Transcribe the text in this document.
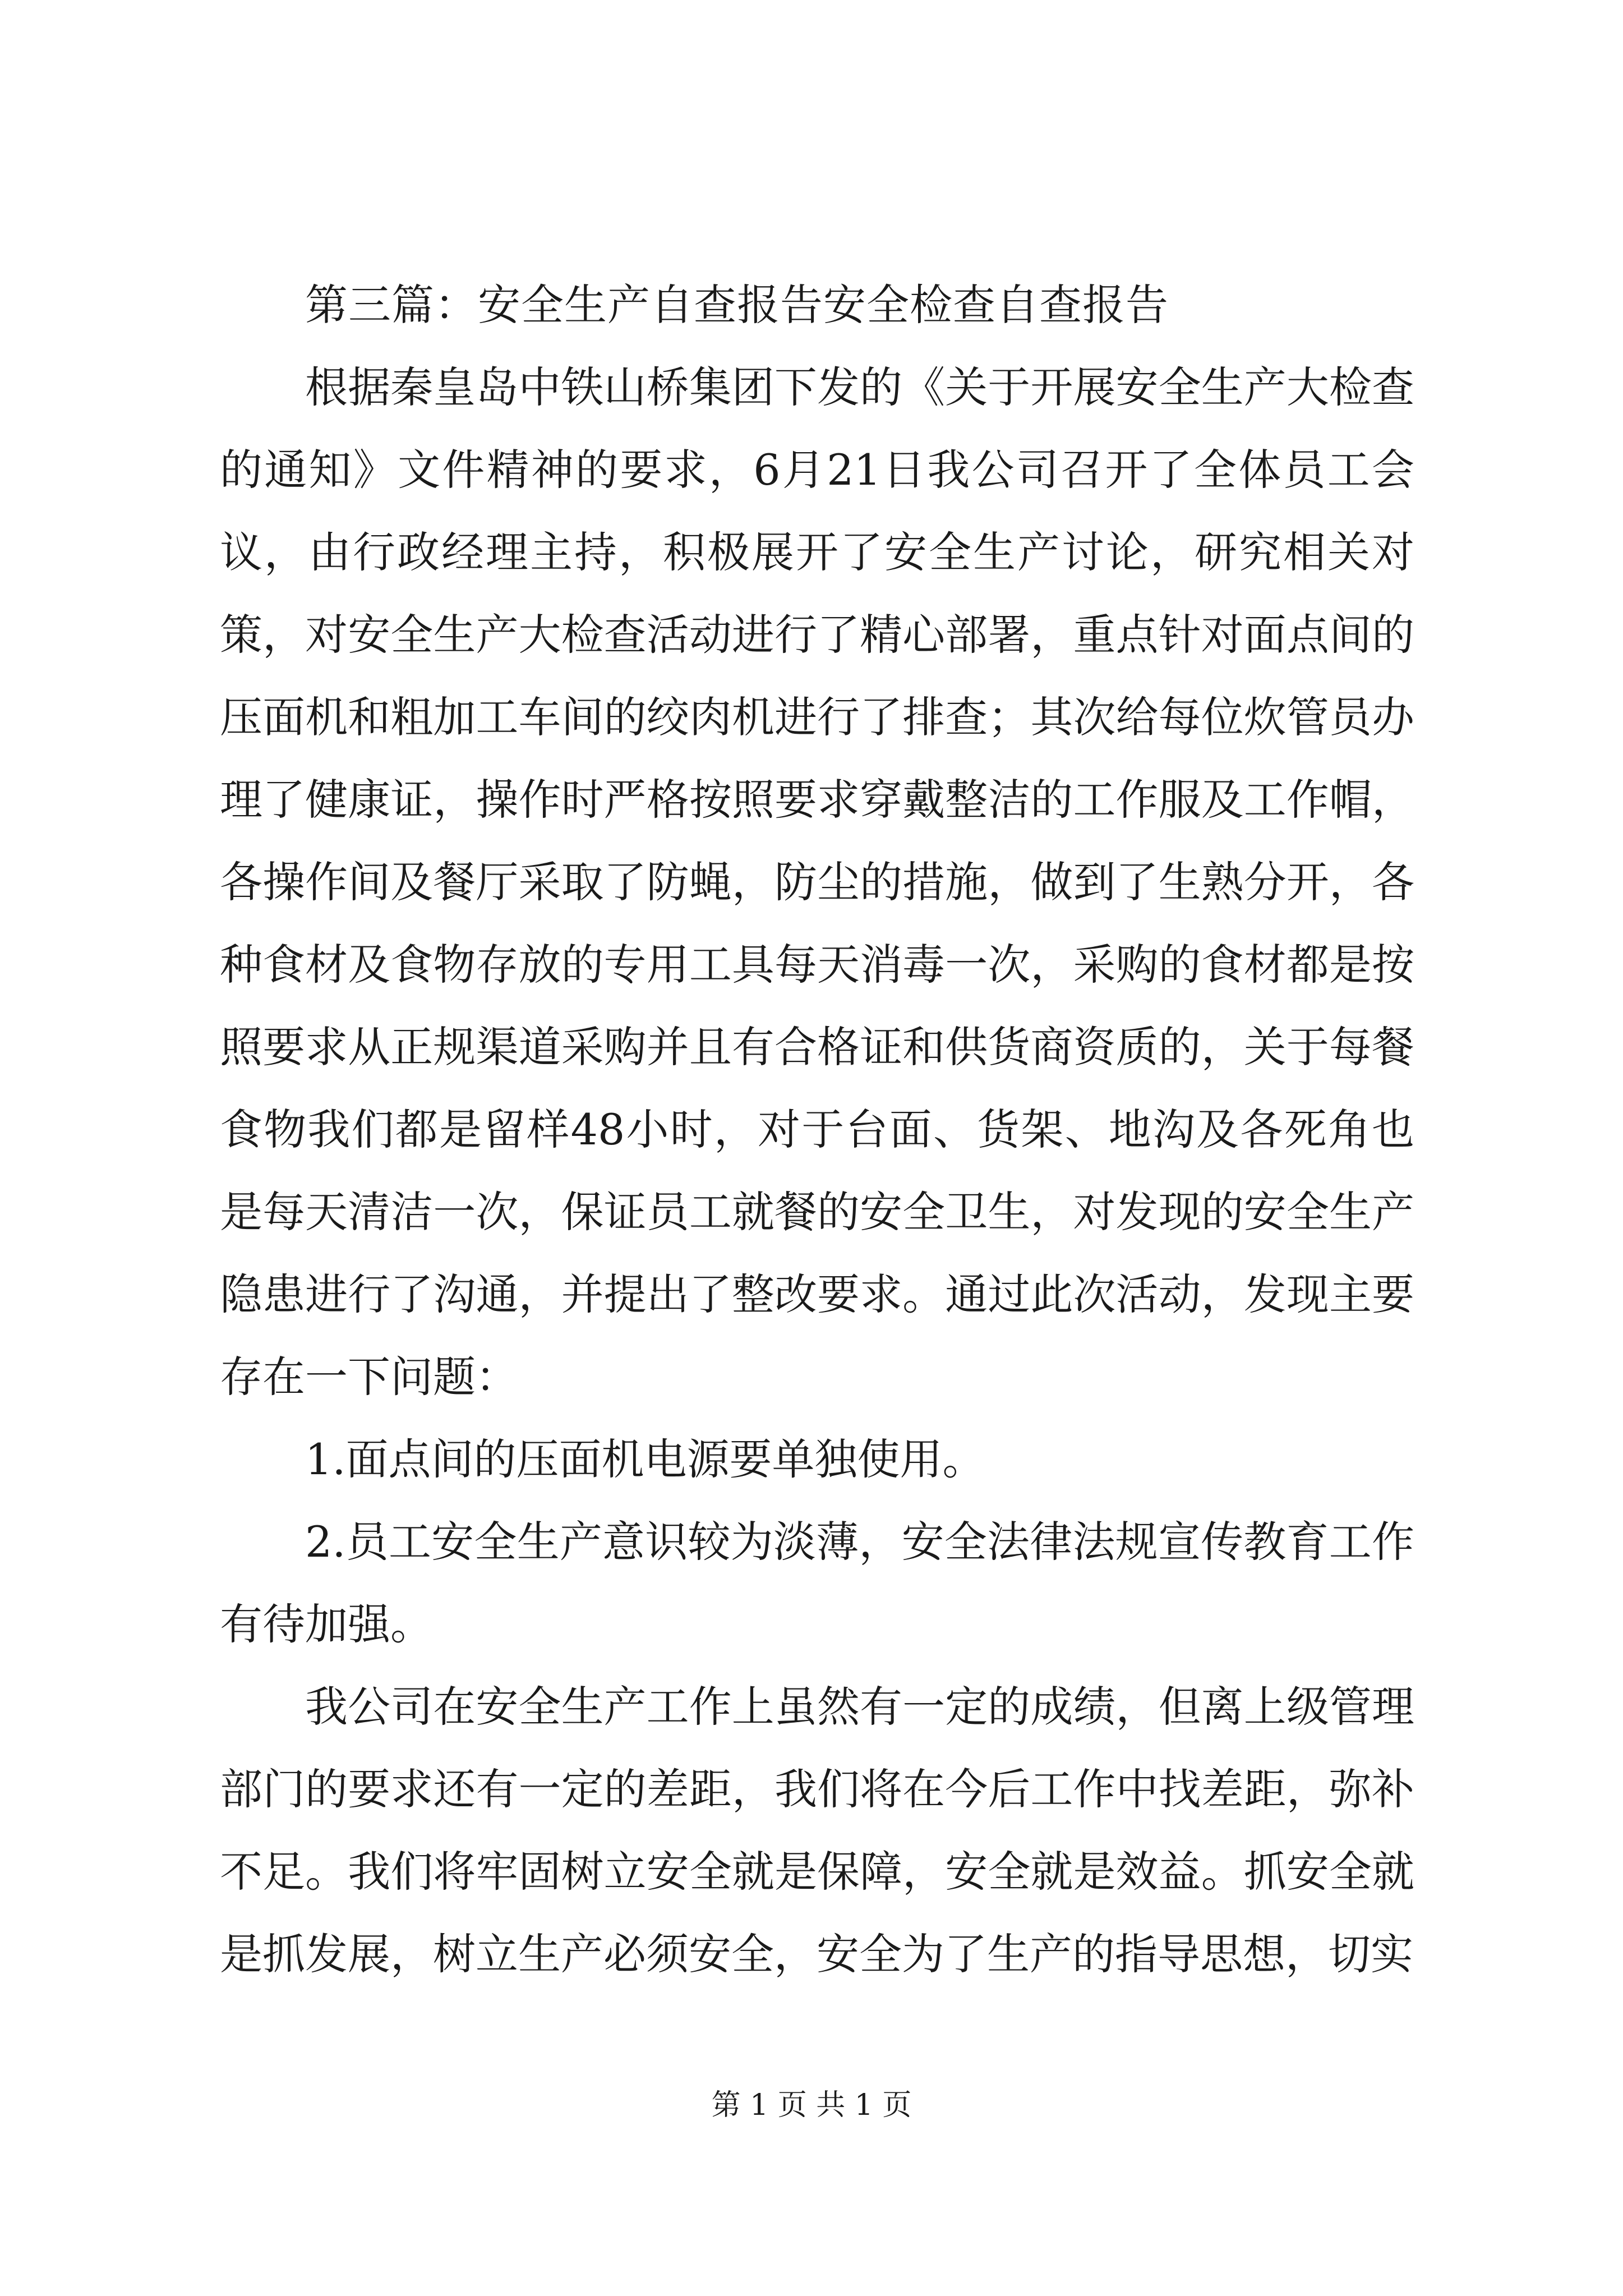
第三篇：安全生产自查报告安全检查自查报告

根据秦皇岛中铁山桥集团下发的《关于开展安全生产大检查的通知》文件精神的要求，6月21日我公司召开了全体员工会议，由行政经理主持，积极展开了安全生产讨论，研究相关对策，对安全生产大检查活动进行了精心部署，重点针对面点间的压面机和粗加工车间的绞肉机进行了排查；其次给每位炊管员办理了健康证，操作时严格按照要求穿戴整洁的工作服及工作帽，各操作间及餐厅采取了防蝇，防尘的措施，做到了生熟分开，各种食材及食物存放的专用工具每天消毒一次，采购的食材都是按照要求从正规渠道采购并且有合格证和供货商资质的，关于每餐食物我们都是留样48小时，对于台面、货架、地沟及各死角也是每天清洁一次，保证员工就餐的安全卫生，对发现的安全生产隐患进行了沟通，并提出了整改要求。通过此次活动，发现主要存在一下问题：

1.面点间的压面机电源要单独使用。

2.员工安全生产意识较为淡薄，安全法律法规宣传教育工作有待加强。

我公司在安全生产工作上虽然有一定的成绩，但离上级管理部门的要求还有一定的差距，我们将在今后工作中找差距，弥补不足。我们将牢固树立安全就是保障，安全就是效益。抓安全就是抓发展，树立生产必须安全，安全为了生产的指导思想，切实

第 1 页 共 1 页
